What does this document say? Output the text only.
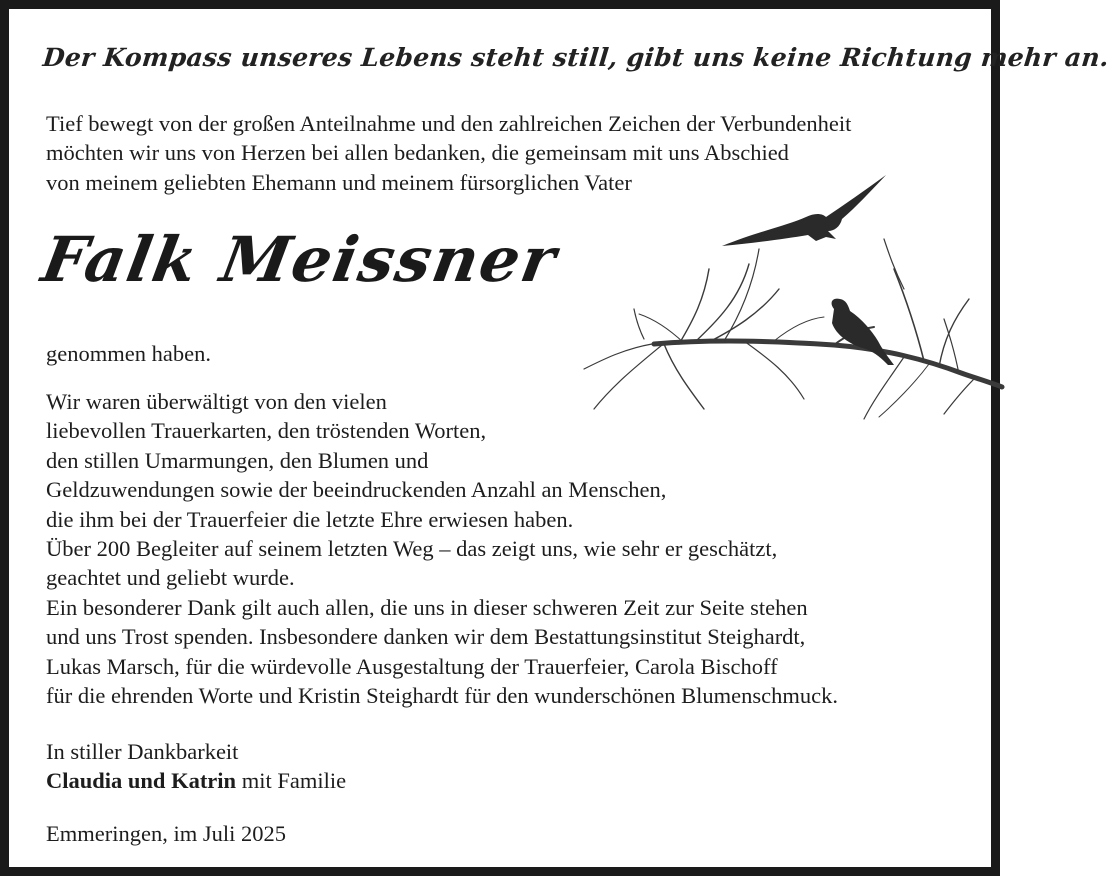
Der Kompass unseres Lebens steht still, gibt uns keine Richtung mehr an.
Tief bewegt von der großen Anteilnahme und den zahlreichen Zeichen der Verbundenheit
möchten wir uns von Herzen bei allen bedanken, die gemeinsam mit uns Abschied
von meinem geliebten Ehemann und meinem fürsorglichen Vater
Falk Meissner
genommen haben.
Wir waren überwältigt von den vielen
liebevollen Trauerkarten, den tröstenden Worten,
den stillen Umarmungen, den Blumen und
Geldzuwendungen sowie der beeindruckenden Anzahl an Menschen,
die ihm bei der Trauerfeier die letzte Ehre erwiesen haben.
Über 200 Begleiter auf seinem letzten Weg – das zeigt uns, wie sehr er geschätzt,
geachtet und geliebt wurde.
Ein besonderer Dank gilt auch allen, die uns in dieser schweren Zeit zur Seite stehen
und uns Trost spenden. Insbesondere danken wir dem Bestattungsinstitut Steighardt,
Lukas Marsch, für die würdevolle Ausgestaltung der Trauerfeier, Carola Bischoff
für die ehrenden Worte und Kristin Steighardt für den wunderschönen Blumenschmuck.
In stiller Dankbarkeit
Claudia und Katrin mit Familie
Emmeringen, im Juli 2025
